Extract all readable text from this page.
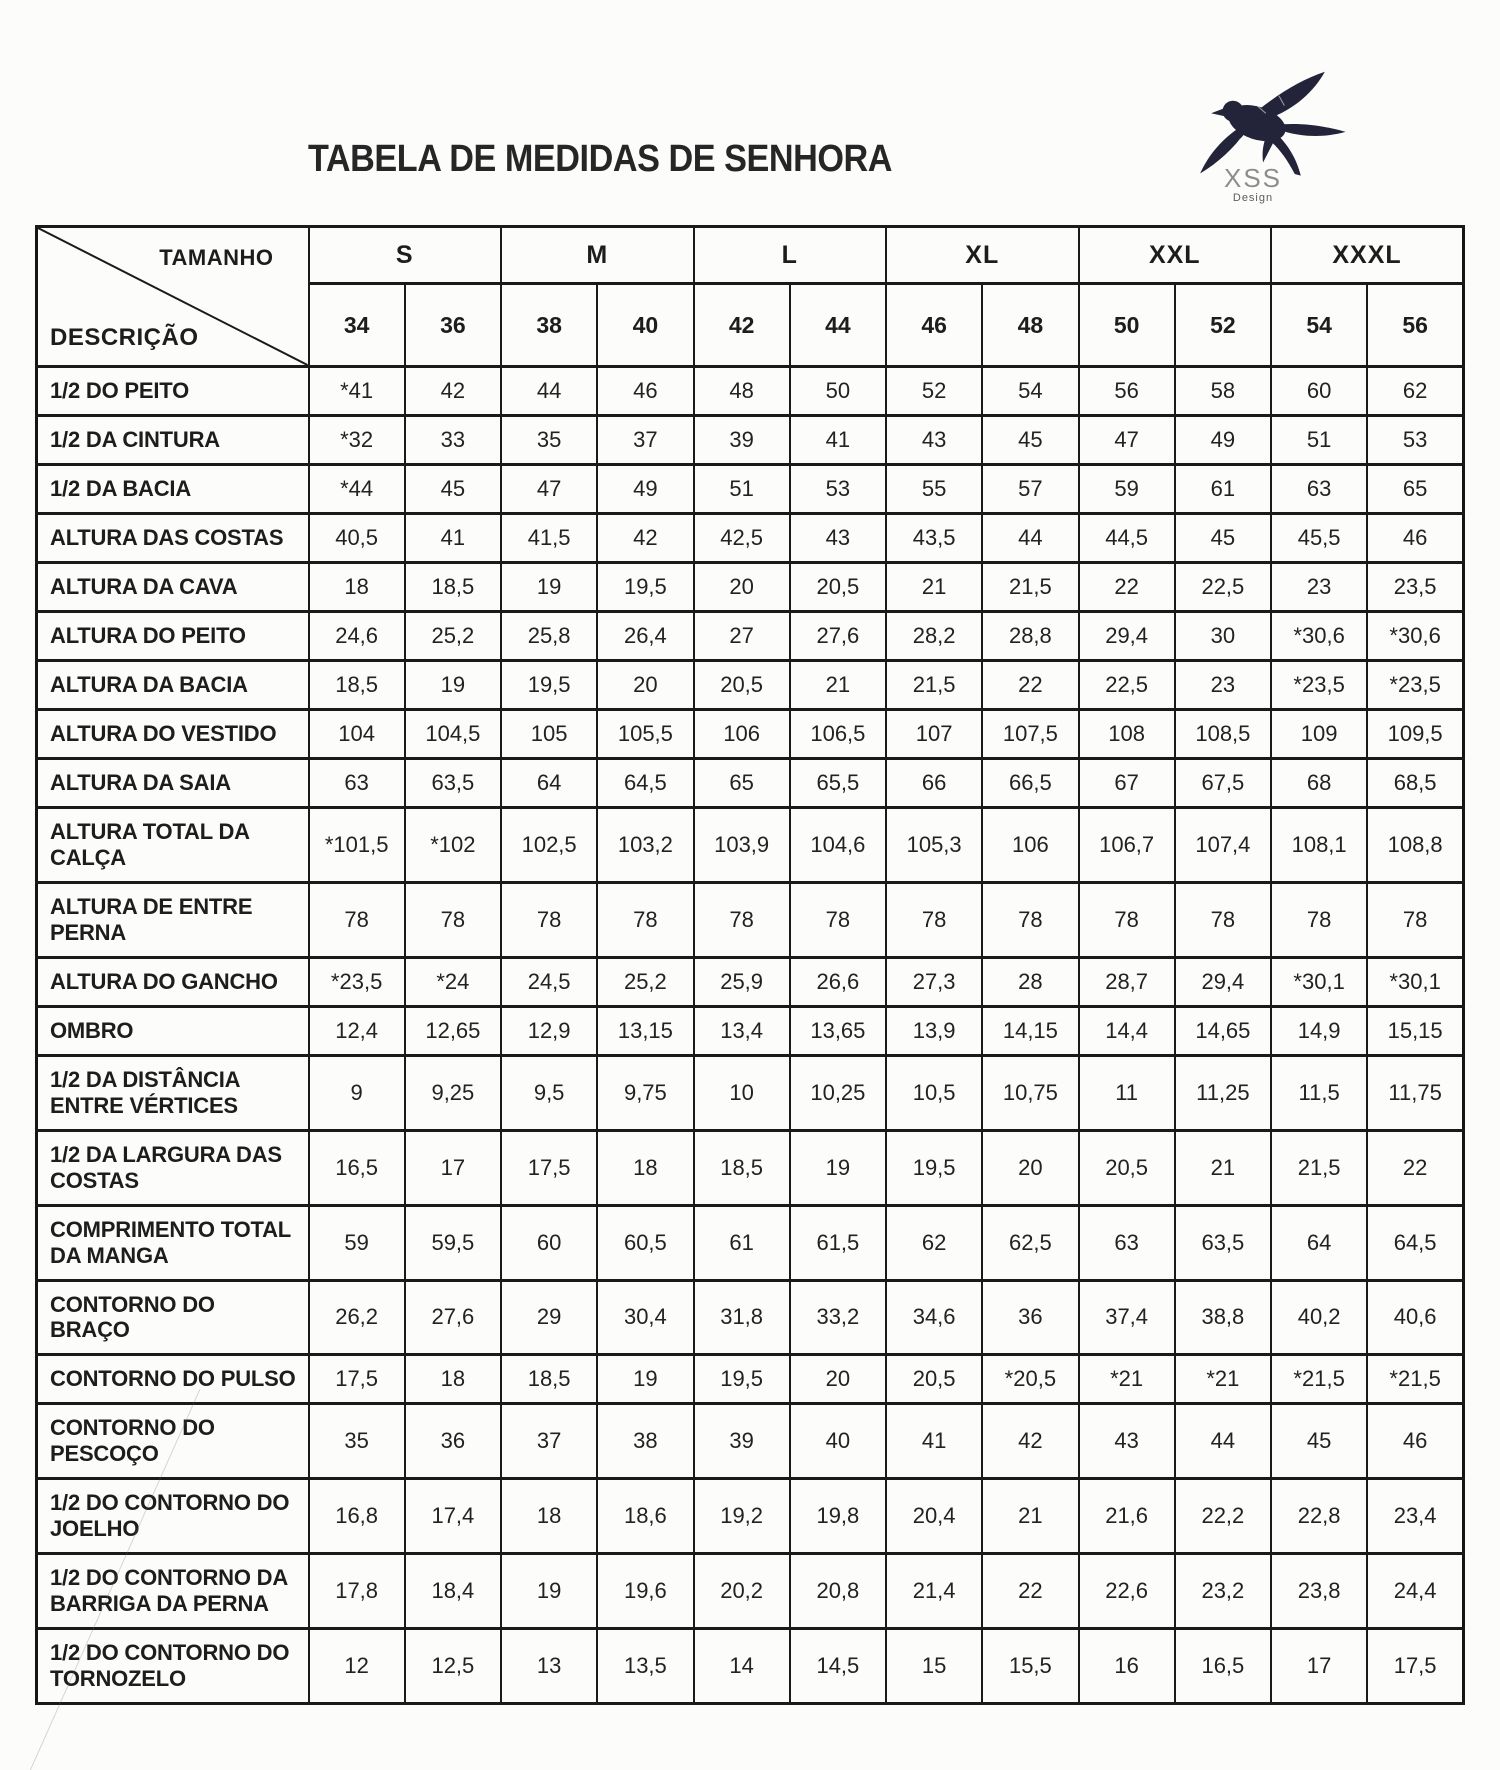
TABELA DE MEDIDAS DE SENHORA	XSS
Design
TAMANHO
DESCRIÇÃO	S		M		L		XL		XXL		XXXL	
	34	36	38	40	42	44	46	48	50	52	54	56
1/2 DO PEITO	*41	42	44	46	48	50	52	54	56	58	60	62
1/2 DA CINTURA	*32	33	35	37	39	41	43	45	47	49	51	53
1/2 DA BACIA	*44	45	47	49	51	53	55	57	59	61	63	65
ALTURA DAS COSTAS	40,5	41	41,5	42	42,5	43	43,5	44	44,5	45	45,5	46
ALTURA DA CAVA	18	18,5	19	19,5	20	20,5	21	21,5	22	22,5	23	23,5
ALTURA DO PEITO	24,6	25,2	25,8	26,4	27	27,6	28,2	28,8	29,4	30	*30,6	*30,6
ALTURA DA BACIA	18,5	19	19,5	20	20,5	21	21,5	22	22,5	23	*23,5	*23,5
ALTURA DO VESTIDO	104	104,5	105	105,5	106	106,5	107	107,5	108	108,5	109	109,5
ALTURA DA SAIA	63	63,5	64	64,5	65	65,5	66	66,5	67	67,5	68	68,5
ALTURA TOTAL DA CALÇA	*101,5	*102	102,5	103,2	103,9	104,6	105,3	106	106,7	107,4	108,1	108,8
ALTURA DE ENTRE PERNA	78	78	78	78	78	78	78	78	78	78	78	78
ALTURA DO GANCHO	*23,5	*24	24,5	25,2	25,9	26,6	27,3	28	28,7	29,4	*30,1	*30,1
OMBRO	12,4	12,65	12,9	13,15	13,4	13,65	13,9	14,15	14,4	14,65	14,9	15,15
1/2 DA DISTÂNCIA ENTRE VÉRTICES	9	9,25	9,5	9,75	10	10,25	10,5	10,75	11	11,25	11,5	11,75
1/2 DA LARGURA DAS COSTAS	16,5	17	17,5	18	18,5	19	19,5	20	20,5	21	21,5	22
COMPRIMENTO TOTAL DA MANGA	59	59,5	60	60,5	61	61,5	62	62,5	63	63,5	64	64,5
CONTORNO DO BRAÇO	26,2	27,6	29	30,4	31,8	33,2	34,6	36	37,4	38,8	40,2	40,6
CONTORNO DO PULSO	17,5	18	18,5	19	19,5	20	20,5	*20,5	*21	*21	*21,5	*21,5
CONTORNO DO PESCOÇO	35	36	37	38	39	40	41	42	43	44	45	46
1/2 DO CONTORNO DO JOELHO	16,8	17,4	18	18,6	19,2	19,8	20,4	21	21,6	22,2	22,8	23,4
1/2 DO CONTORNO DA BARRIGA DA PERNA	17,8	18,4	19	19,6	20,2	20,8	21,4	22	22,6	23,2	23,8	24,4
1/2 DO CONTORNO DO TORNOZELO	12	12,5	13	13,5	14	14,5	15	15,5	16	16,5	17	17,5
